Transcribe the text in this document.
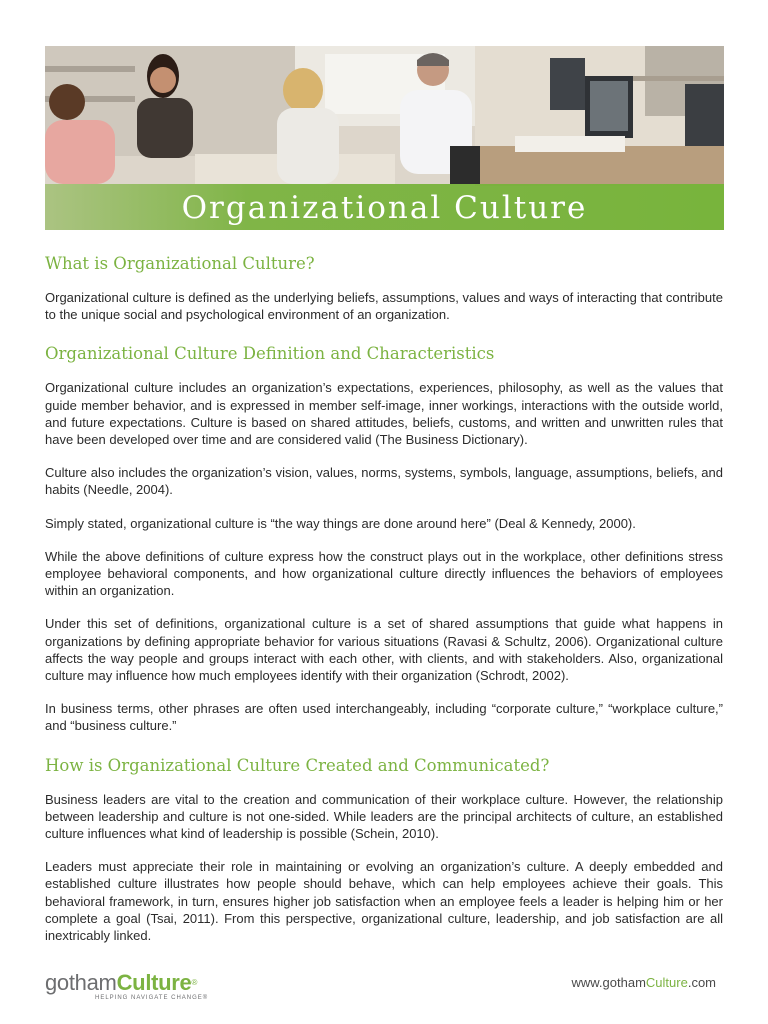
Organizational Culture
What is Organizational Culture?

Organizational culture is defined as the underlying beliefs, assumptions, values and ways of interacting that contribute to the unique social and psychological environment of an organization.

Organizational Culture Definition and Characteristics

Organizational culture includes an organization’s expectations, experiences, philosophy, as well as the values that guide member behavior, and is expressed in member self-image, inner workings, interactions with the outside world, and future expectations. Culture is based on shared attitudes, beliefs, customs, and written and unwritten rules that have been developed over time and are considered valid (The Business Dictionary).

Culture also includes the organization’s vision, values, norms, systems, symbols, language, assumptions, beliefs, and habits (Needle, 2004).

Simply stated, organizational culture is “the way things are done around here” (Deal & Kennedy, 2000).

While the above definitions of culture express how the construct plays out in the workplace, other definitions stress employee behavioral components, and how organizational culture directly influences the behaviors of employees within an organization.

Under this set of definitions, organizational culture is a set of shared assumptions that guide what happens in organizations by defining appropriate behavior for various situations (Ravasi & Schultz, 2006). Organizational culture affects the way people and groups interact with each other, with clients, and with stakeholders. Also, organizational culture may influence how much employees identify with their organization (Schrodt, 2002).

In business terms, other phrases are often used interchangeably, including “corporate culture,” “workplace culture,” and “business culture.”

How is Organizational Culture Created and Communicated?

Business leaders are vital to the creation and communication of their workplace culture. However, the relationship between leadership and culture is not one-sided. While leaders are the principal architects of culture, an established culture influences what kind of leadership is possible (Schein, 2010).

Leaders must appreciate their role in maintaining or evolving an organization’s culture. A deeply embedded and established culture illustrates how people should behave, which can help employees achieve their goals. This behavioral framework, in turn, ensures higher job satisfaction when an employee feels a leader is helping him or her complete a goal (Tsai, 2011). From this perspective, organizational culture, leadership, and job satisfaction are all inextricably linked.

gothamCulture®
HELPING NAVIGATE CHANGE®
www.gothamCulture.com
